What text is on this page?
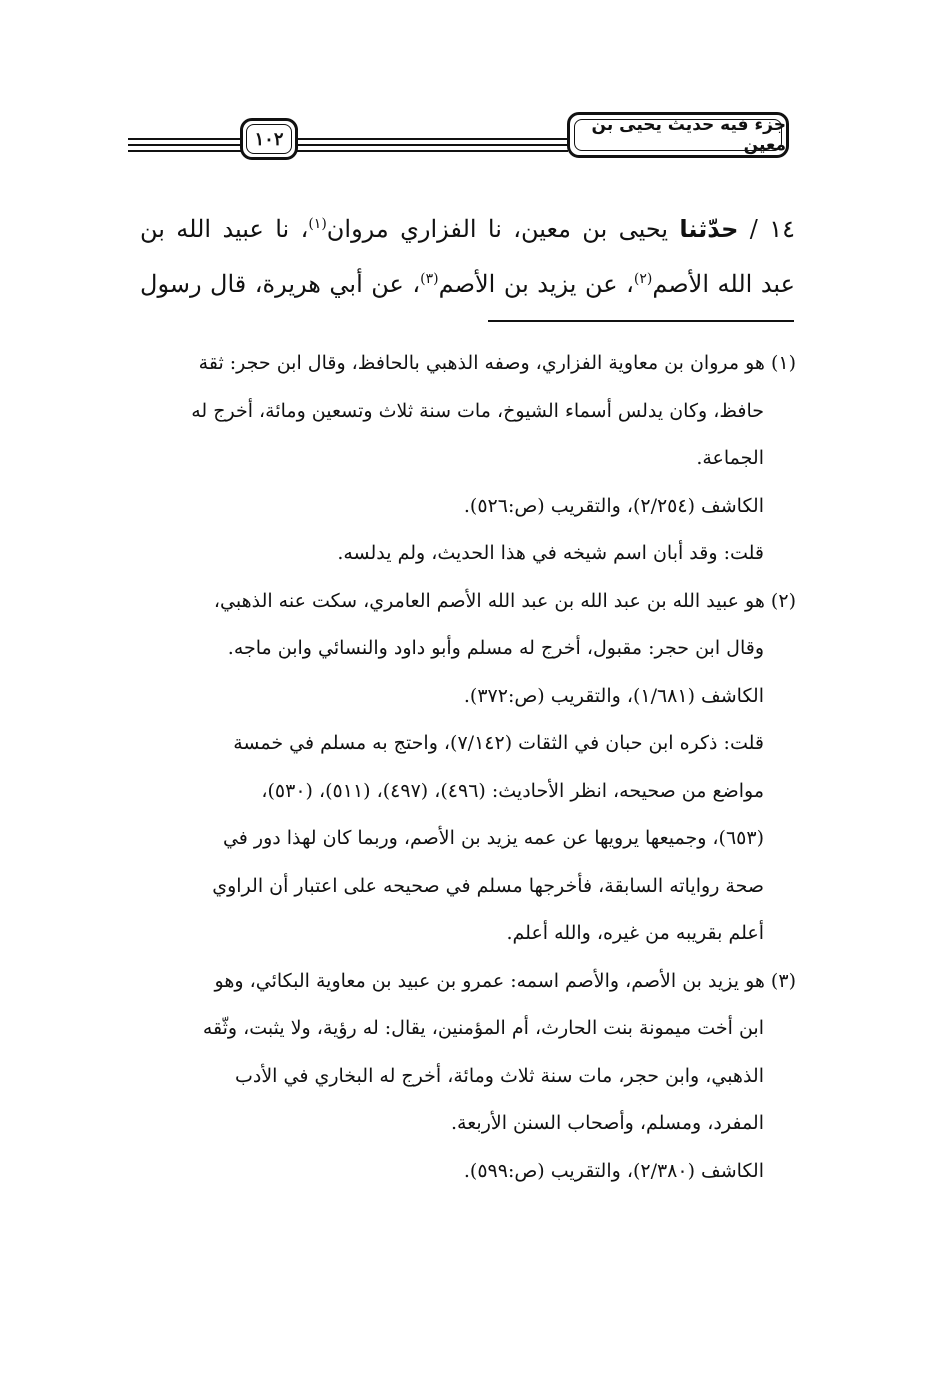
جزء فيه حديث يحيى بن معين
١٠٢
١٤ / حدّثنا يحيى بن معين، نا الفزاري مروان$^{(١)}$، نا عبيد الله بن
عبد الله الأصم$^{(٢)}$، عن يزيد بن الأصم$^{(٣)}$، عن أبي هريرة، قال رسول
(١) هو مروان بن معاوية الفزاري، وصفه الذهبي بالحافظ، وقال ابن حجر: ثقة
حافظ، وكان يدلس أسماء الشيوخ، مات سنة ثلاث وتسعين ومائة، أخرج له
الجماعة.
الكاشف (٢/٢٥٤)، والتقريب (ص:٥٢٦).
قلت: وقد أبان اسم شيخه في هذا الحديث، ولم يدلسه.
(٢) هو عبيد الله بن عبد الله بن عبد الله الأصم العامري، سكت عنه الذهبي،
وقال ابن حجر: مقبول، أخرج له مسلم وأبو داود والنسائي وابن ماجه.
الكاشف (١/٦٨١)، والتقريب (ص:٣٧٢).
قلت: ذكره ابن حبان في الثقات (٧/١٤٢)، واحتج به مسلم في خمسة
مواضع من صحيحه، انظر الأحاديث: (٤٩٦)، (٤٩٧)، (٥١١)، (٥٣٠)،
(٦٥٣)، وجميعها يرويها عن عمه يزيد بن الأصم، وربما كان لهذا دور في
صحة رواياته السابقة، فأخرجها مسلم في صحيحه على اعتبار أن الراوي
أعلم بقريبه من غيره، والله أعلم.
(٣) هو يزيد بن الأصم، والأصم اسمه: عمرو بن عبيد بن معاوية البكائي، وهو
ابن أخت ميمونة بنت الحارث، أم المؤمنين، يقال: له رؤية، ولا يثبت، وثّقه
الذهبي، وابن حجر، مات سنة ثلاث ومائة، أخرج له البخاري في الأدب
المفرد، ومسلم، وأصحاب السنن الأربعة.
الكاشف (٢/٣٨٠)، والتقريب (ص:٥٩٩).
